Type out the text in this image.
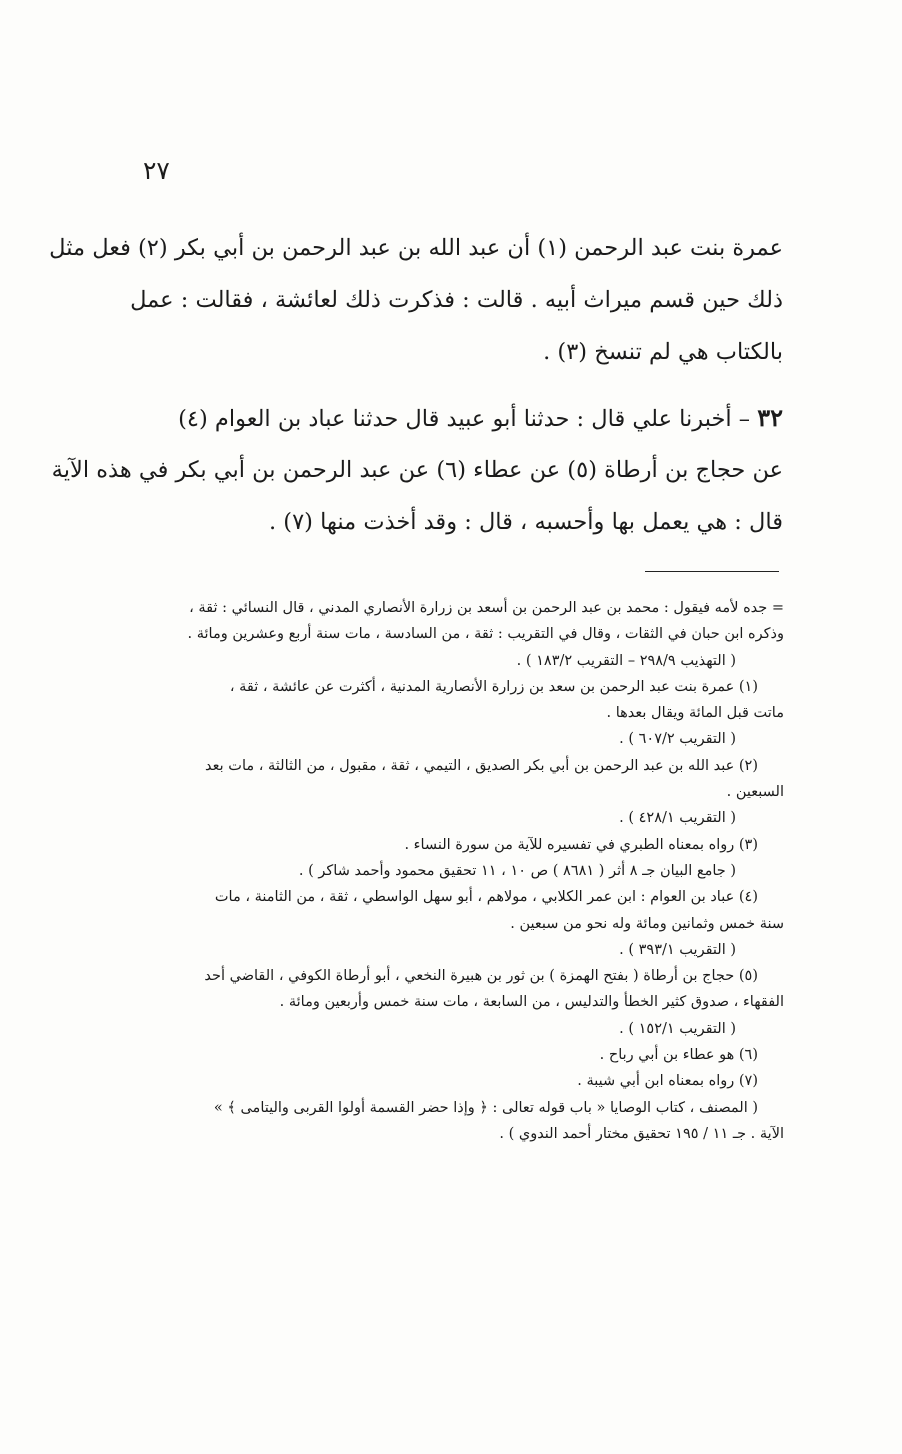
٢٧
عمرة بنت عبد الرحمن (١) أن عبد الله بن عبد الرحمن بن أبي بكر (٢) فعل مثل
ذلك حين قسم ميراث أبيه . قالت : فذكرت ذلك لعائشة ، فقالت : عمل
بالكتاب هي لم تنسخ (٣) .
٣٢ – أخبرنا علي قال : حدثنا أبو عبيد قال حدثنا عباد بن العوام (٤)
عن حجاج بن أرطاة (٥) عن عطاء (٦) عن عبد الرحمن بن أبي بكر في هذه الآية
قال : هي يعمل بها وأحسبه ، قال : وقد أخذت منها (٧) .
= جده لأمه فيقول : محمد بن عبد الرحمن بن أسعد بن زرارة الأنصاري المدني ، قال النسائي : ثقة ،
وذكره ابن حبان في الثقات ، وقال في التقريب : ثقة ، من السادسة ، مات سنة أربع وعشرين ومائة .
( التهذيب ٢٩٨/٩ – التقريب ١٨٣/٢ ) .
(١) عمرة بنت عبد الرحمن بن سعد بن زرارة الأنصارية المدنية ، أكثرت عن عائشة ، ثقة ،
ماتت قبل المائة ويقال بعدها .
( التقريب ٦٠٧/٢ ) .
(٢) عبد الله بن عبد الرحمن بن أبي بكر الصديق ، التيمي ، ثقة ، مقبول ، من الثالثة ، مات بعد
السبعين .
( التقريب ٤٢٨/١ ) .
(٣) رواه بمعناه الطبري في تفسيره للآية من سورة النساء .
( جامع البيان جـ ٨ أثر ( ٨٦٨١ ) ص ١٠ ، ١١ تحقيق محمود وأحمد شاكر ) .
(٤) عباد بن العوام : ابن عمر الكلابي ، مولاهم ، أبو سهل الواسطي ، ثقة ، من الثامنة ، مات
سنة خمس وثمانين ومائة وله نحو من سبعين .
( التقريب ٣٩٣/١ ) .
(٥) حجاج بن أرطاة ( بفتح الهمزة ) بن ثور بن هبيرة النخعي ، أبو أرطاة الكوفي ، القاضي أحد
الفقهاء ، صدوق كثير الخطأ والتدليس ، من السابعة ، مات سنة خمس وأربعين ومائة .
( التقريب ١٥٢/١ ) .
(٦) هو عطاء بن أبي رباح .
(٧) رواه بمعناه ابن أبي شيبة .
( المصنف ، كتاب الوصايا « باب قوله تعالى : ﴿ وإذا حضر القسمة أولوا القربى واليتامى ﴾ »
الآية . جـ ١١ / ١٩٥ تحقيق مختار أحمد الندوي ) .
